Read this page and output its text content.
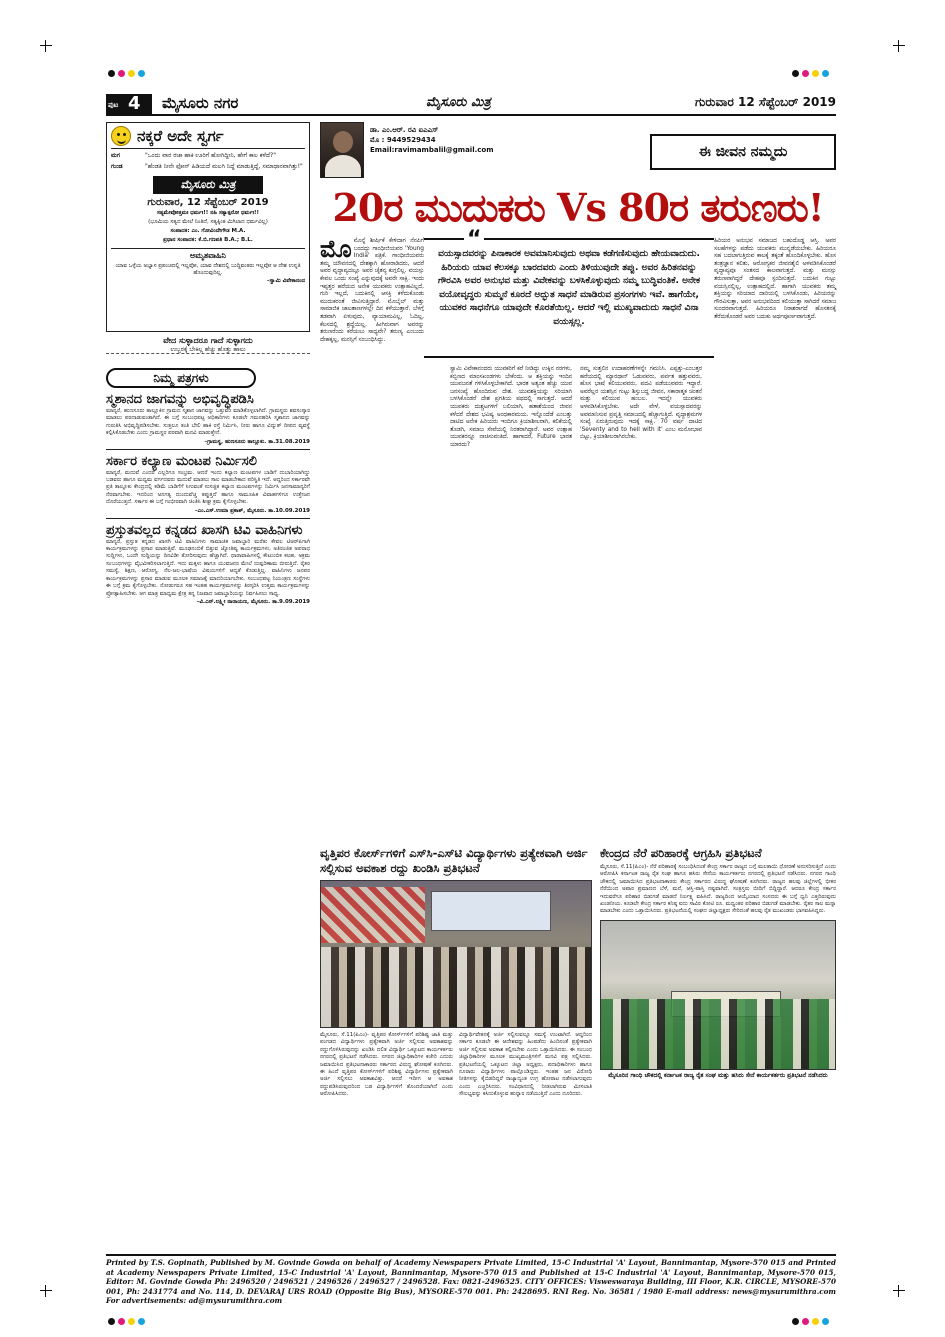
ಪುಟ 4 ಮೈಸೂರು ನಗರ	ಮೈಸೂರು ಮಿತ್ರ	ಗುರುವಾರ 12 ಸೆಪ್ಟೆಂಬರ್ 2019
ನಕ್ಕರೆ ಅದೇ ಸ್ವರ್ಗ
ಮಗ	"ಒಂದು ವಾರ ರಜಾ ಹಾಕಿ ಊರಿಗೆ ಹೋಗಿದ್ದೀನಿ, ಹೇಗೆ ಕಾಲ ಕಳೆದೆ?"
ಗುಂಡ	"ಹೆಂಡತಿ ನೀನೇ ಫೋನ್ ಹಿಡಿಯದೆ ಮಲಗಿ ನಿದ್ದೆ ಮಾಡುತ್ತಿದ್ದೆ, ಸಮಾಧಾನವಾಗಿತ್ತು!"
ಮೈಸೂರು ಮಿತ್ರ
ಗುರುವಾರ, 12 ಸೆಪ್ಟೆಂಬರ್ 2019
ಸತ್ಯಮೇವೋತ್ತಮಃ ಧರ್ಮಃ!! ನಹಿ ಸತ್ಯಾತ್ಪರೋ ಧರ್ಮಃ!!
(ಭೂಮಿಯ ಸತ್ಯದ ಮೇಲೆ ನಿಂತಿದೆ, ಸತ್ಯಕ್ಕಿಂತ ಮಿಗಿಲಾದ ಧರ್ಮವಿಲ್ಲ)
ಸಂಪಾದಕ: ಎಂ. ಗೋವಿಂದೇಗೌಡ M.A.
ಪ್ರಧಾನ ಸಂಪಾದಕ: ಕೆ.ಬಿ.ಗಣಪತಿ B.A.; B.L.
ಅಮೃತವಾಹಿನಿ
ಯಾವ ಒಳ್ಳೆಯ ಅಭ್ಯಾಸ ಪ್ರಪಂಚದಲ್ಲಿ ಇಲ್ಲವೋ, ಯಾವ ದೇಶದಲ್ಲಿ ಬುದ್ಧಿವಂತರು ಇಲ್ಲವೋ ಆ ದೇಶ ಉನ್ನತಿ ಹೊಂದುವುದಿಲ್ಲ.
–ಸ್ವಾಮಿ ವಿವೇಕಾನಂದ
ವೇದ ಸುಳ್ಳಾದರೂ ಗಾದೆ ಸುಳ್ಳಾಗದು
ಉಬ್ಬರಕ್ಕೆ ಬೇಕಿಲ್ಲ ಹೆಚ್ಚು ಹೊತ್ತು ಹಾಲು
ನಿಮ್ಮ ಪತ್ರಗಳು
ಸ್ಮಶಾನದ ಜಾಗವನ್ನು ಅಭಿವೃದ್ಧಿಪಡಿಸಿ
ಮಾನ್ಯರೆ, ಹುಣಸೂರು ತಾಲ್ಲೂಕಿನ ಗ್ರಾಮದ ಸ್ಮಶಾನ ಜಾಗವನ್ನು ಒತ್ತುವರಿ ಮಾಡಿಕೊಳ್ಳಲಾಗಿದೆ. ಗ್ರಾಮಸ್ಥರು ಶವಸಂಸ್ಕಾರ ಮಾಡಲು ಪರದಾಡುವಂತಾಗಿದೆ. ಈ ಬಗ್ಗೆ ಸಂಬಂಧಪಟ್ಟ ಅಧಿಕಾರಿಗಳು ಕೂಡಲೇ ಗಮನಹರಿಸಿ ಸ್ಮಶಾನದ ಜಾಗವನ್ನು ಗುರುತಿಸಿ ಅಭಿವೃದ್ಧಿಪಡಿಸಬೇಕು. ಸುತ್ತಲೂ ತಂತಿ ಬೇಲಿ ಹಾಕಿ ರಸ್ತೆ ನಿರ್ಮಿಸಿ, ನೀರು ಹಾಗೂ ವಿದ್ಯುತ್ ದೀಪದ ವ್ಯವಸ್ಥೆ ಕಲ್ಪಿಸಿಕೊಡಬೇಕು ಎಂದು ಗ್ರಾಮಸ್ಥರ ಪರವಾಗಿ ಮನವಿ ಮಾಡುತ್ತೇನೆ.
–ಗ್ರಾಮಸ್ಥ, ಹುಣಸೂರು ತಾಲ್ಲೂಕು. ತಾ.31.08.2019
ಸರ್ಕಾರ ಕಲ್ಯಾಣ ಮಂಟಪ ನಿರ್ಮಿಸಲಿ
ಮಾನ್ಯರೆ, ಮದುವೆ ಎಂದರೆ ಎಲ್ಲರಿಗೂ ಸಂಭ್ರಮ. ಆದರೆ ಇಂದು ಕಲ್ಯಾಣ ಮಂಟಪಗಳ ಬಾಡಿಗೆ ದುಬಾರಿಯಾಗಿದ್ದು ಬಡವರು ಹಾಗೂ ಮಧ್ಯಮ ವರ್ಗದವರು ಮದುವೆ ಮಾಡಲು ಸಾಲ ಮಾಡಬೇಕಾದ ಪರಿಸ್ಥಿತಿ ಇದೆ. ಆದ್ದರಿಂದ ಸರ್ಕಾರವೇ ಪ್ರತಿ ತಾಲ್ಲೂಕು ಕೇಂದ್ರದಲ್ಲಿ ಕಡಿಮೆ ಬಾಡಿಗೆಗೆ ಸಿಗುವಂತೆ ಸುಸಜ್ಜಿತ ಕಲ್ಯಾಣ ಮಂಟಪಗಳನ್ನು ನಿರ್ಮಿಸಿ ಜನಸಾಮಾನ್ಯರಿಗೆ ನೆರವಾಗಬೇಕು. ಇದರಿಂದ ಅನಗತ್ಯ ದುಂದುವೆಚ್ಚ ತಪ್ಪುತ್ತದೆ ಹಾಗೂ ಸಾಮೂಹಿಕ ವಿವಾಹಗಳಿಗೂ ಉತ್ತೇಜನ ದೊರೆಯುತ್ತದೆ. ಸರ್ಕಾರ ಈ ಬಗ್ಗೆ ಗಂಭೀರವಾಗಿ ಚಿಂತಿಸಿ ಶೀಘ್ರ ಕ್ರಮ ಕೈಗೊಳ್ಳಬೇಕು.
–ಎಂ.ಎಸ್.ಉಮಾ ಪ್ರಕಾಶ್, ಮೈಸೂರು. ತಾ.10.09.2019
ಪ್ರಸ್ತುತವಲ್ಲದ ಕನ್ನಡದ ಖಾಸಗಿ ಟಿವಿ ವಾಹಿನಿಗಳು
ಮಾನ್ಯರೆ, ಪ್ರಸ್ತುತ ಕನ್ನಡದ ಖಾಸಗಿ ಟಿವಿ ವಾಹಿನಿಗಳು ಸಾಮಾಜಿಕ ಜವಾಬ್ದಾರಿ ಮರೆತು ಕೇವಲ ಟಿಆರ್‌ಪಿಗಾಗಿ ಕಾರ್ಯಕ್ರಮಗಳನ್ನು ಪ್ರಸಾರ ಮಾಡುತ್ತಿವೆ. ಮೂಢನಂಬಿಕೆ ಬಿತ್ತುವ ಜ್ಯೋತಿಷ್ಯ ಕಾರ್ಯಕ್ರಮಗಳು, ಅತಿರಂಜಿತ ಅಪರಾಧ ಸುದ್ದಿಗಳು, ಒಂದೇ ಸುದ್ದಿಯನ್ನು ದಿನವಿಡೀ ತೋರಿಸುವುದು ಹೆಚ್ಚಾಗಿದೆ. ಧಾರಾವಾಹಿಗಳಲ್ಲಿ ಕೌಟುಂಬಿಕ ಕಲಹ, ಅಕ್ರಮ ಸಂಬಂಧಗಳನ್ನು ವೈಭವೀಕರಿಸಲಾಗುತ್ತಿದೆ. ಇದು ಮಕ್ಕಳು ಹಾಗೂ ಯುವಜನರ ಮೇಲೆ ದುಷ್ಪರಿಣಾಮ ಬೀರುತ್ತಿದೆ. ರೈತರ ಸಮಸ್ಯೆ, ಶಿಕ್ಷಣ, ಆರೋಗ್ಯ, ನೆಲ-ಜಲ-ಭಾಷೆಯ ವಿಷಯಗಳಿಗೆ ಆದ್ಯತೆ ಕೊಡುತ್ತಿಲ್ಲ. ವಾಹಿನಿಗಳು ಜನಪರ ಕಾರ್ಯಕ್ರಮಗಳನ್ನು ಪ್ರಸಾರ ಮಾಡುವ ಮೂಲಕ ಸಮಾಜಕ್ಕೆ ಮಾದರಿಯಾಗಬೇಕು. ಸಂಬಂಧಪಟ್ಟ ನಿಯಂತ್ರಣ ಸಂಸ್ಥೆಗಳು ಈ ಬಗ್ಗೆ ಕ್ರಮ ಕೈಗೊಳ್ಳಬೇಕು. ನೋಡುಗರೂ ಸಹ ಇಂತಹ ಕಾರ್ಯಕ್ರಮಗಳನ್ನು ತಿರಸ್ಕರಿಸಿ ಉತ್ತಮ ಕಾರ್ಯಕ್ರಮಗಳನ್ನು ಪ್ರೋತ್ಸಾಹಿಸಬೇಕು. ಆಗ ಮಾತ್ರ ಮಾಧ್ಯಮ ಕ್ಷೇತ್ರ ತನ್ನ ನಿಜವಾದ ಜವಾಬ್ದಾರಿಯನ್ನು ನಿರ್ವಹಿಸಲು ಸಾಧ್ಯ.
–ವಿ.ಎನ್.ಲಕ್ಷ್ಮೀ ನಾರಾಯಣ, ಮೈಸೂರು. ತಾ.9.09.2019
ಡಾ. ಎಂ.ಆರ್. ರವಿ ಐಎಎಸ್
ಮೊ : 9449529434
Email:ravimambalil@gmail.com	ಈ ಜೀವನ ನಮ್ಮದು
20ರ ಮುದುಕರು Vs 80ರ ತರುಣರು!
ಮೊ ಮೊನ್ನೆ ಶೀರ್ಷಿಕೆ ಕೇಳಿದಾಗ ನೆನಪಿಗೆ ಬಂದದ್ದು ಗಾಂಧೀಜಿಯವರ 'Young India' ಪತ್ರಿಕೆ. ಗಾಂಧೀಜಿಯವರು ತಮ್ಮ ಯೌವನದಲ್ಲಿ ದೇಶಕ್ಕಾಗಿ ಹೋರಾಡಿದರು, ಆದರೆ ಅವರ ವೃದ್ಧಾಪ್ಯದಲ್ಲೂ ಅವರ ಚೈತನ್ಯ ಕುಗ್ಗಲಿಲ್ಲ. ವಯಸ್ಸು ಕೇವಲ ಒಂದು ಸಂಖ್ಯೆ ಎನ್ನುವುದಕ್ಕೆ ಅವರೇ ಸಾಕ್ಷಿ. ಇಂದು ಇಪ್ಪತ್ತರ ಹರೆಯದ ಅನೇಕ ಯುವಕರು ಉತ್ಸಾಹವಿಲ್ಲದೆ, ಗುರಿ ಇಲ್ಲದೆ, ಬದುಕಿನಲ್ಲಿ ಆಸಕ್ತಿ ಕಳೆದುಕೊಂಡು ಮುದುಕರಂತೆ ಜೀವಿಸುತ್ತಿದ್ದಾರೆ. ಮೊಬೈಲ್ ಮತ್ತು ಸಾಮಾಜಿಕ ಜಾಲತಾಣಗಳಲ್ಲೇ ದಿನ ಕಳೆಯುತ್ತಾರೆ. ಬೆಳಗ್ಗೆ ತಡವಾಗಿ ಏಳುವುದು, ವ್ಯಾಯಾಮವಿಲ್ಲ, ಓದಿಲ್ಲ, ಕೆಲಸದಲ್ಲಿ ಶ್ರದ್ಧೆಯಿಲ್ಲ. ಹೀಗಿರುವಾಗ ಅವರನ್ನು ತರುಣರೆಂದು ಕರೆಯಲು ಸಾಧ್ಯವೇ? ತರುಣ್ಯ ಎಂಬುದು ದೇಹಕ್ಕಲ್ಲ, ಮನಸ್ಸಿಗೆ ಸಂಬಂಧಿಸಿದ್ದು.
ಸ್ವಾಮಿ ವಿವೇಕಾನಂದರು ಯುವಕರಿಗೆ ಕರೆ ನೀಡಿದ್ದು ಉಕ್ಕಿನ ನರಗಳು, ಕಬ್ಬಿಣದ ಮಾಂಸಖಂಡಗಳು ಬೇಕೆಂದು. ಆ ಶಕ್ತಿಯನ್ನು ಇಂದಿನ ಯುವಜನತೆ ಗಳಿಸಿಕೊಳ್ಳಬೇಕಾಗಿದೆ. ಭಾರತ ಅತ್ಯಂತ ಹೆಚ್ಚು ಯುವ ಜನಸಂಖ್ಯೆ ಹೊಂದಿರುವ ದೇಶ. ಯುವಶಕ್ತಿಯನ್ನು ಸರಿಯಾಗಿ ಬಳಸಿಕೊಂಡರೆ ದೇಶ ಪ್ರಗತಿಯ ಪಥದಲ್ಲಿ ಸಾಗುತ್ತದೆ. ಆದರೆ ಯುವಕರು ದುಶ್ಚಟಗಳಿಗೆ ಬಲಿಯಾಗಿ, ಹತಾಶೆಯಿಂದ ಜೀವನ ಕಳೆದರೆ ದೇಶದ ಭವಿಷ್ಯ ಅಂಧಕಾರಮಯ. ಇನ್ನೊಂದೆಡೆ ಎಂಬತ್ತು ದಾಟಿದ ಅನೇಕ ಹಿರಿಯರು ಇಂದಿಗೂ ಕ್ರಿಯಾಶೀಲರಾಗಿ, ಕಲಿಕೆಯಲ್ಲಿ ತೊಡಗಿ, ಸಮಾಜ ಸೇವೆಯಲ್ಲಿ ನಿರತರಾಗಿದ್ದಾರೆ. ಅವರ ಉತ್ಸಾಹ ಯುವಕರನ್ನೂ ನಾಚಿಸುವಂತಿದೆ. ಹಾಗಾದರೆ, Future ಭಾರತ ಯಾರದು?
ನಮ್ಮ ಸುತ್ತಲಿನ ಉದಾಹರಣೆಗಳನ್ನೇ ಗಮನಿಸಿ. ಎಪ್ಪತ್ತು-ಎಂಬತ್ತರ ಹರೆಯದಲ್ಲಿ ಮ್ಯಾರಥಾನ್ ಓಡುವವರು, ಪರ್ವತ ಹತ್ತುವವರು, ಹೊಸ ಭಾಷೆ ಕಲಿಯುವವರು, ಪದವಿ ಪಡೆಯುವವರು ಇದ್ದಾರೆ. ಅವರೆಲ್ಲರ ಯಶಸ್ಸಿನ ಗುಟ್ಟು ಶಿಸ್ತುಬದ್ಧ ಜೀವನ, ಸಕಾರಾತ್ಮಕ ಚಿಂತನೆ ಮತ್ತು ಕಲಿಯುವ ಹಂಬಲ. ಇದನ್ನೇ ಯುವಕರು ಅಳವಡಿಸಿಕೊಳ್ಳಬೇಕು. ಅದೇ ವೇಳೆ, ವಯಸ್ಸಾದವರನ್ನು ಅವಮಾನಿಸುವ ಪ್ರವೃತ್ತಿ ಸಮಾಜದಲ್ಲಿ ಹೆಚ್ಚಾಗುತ್ತಿದೆ. ವೃದ್ಧಾಶ್ರಮಗಳ ಸಂಖ್ಯೆ ಏರುತ್ತಿರುವುದು ಇದಕ್ಕೆ ಸಾಕ್ಷಿ. 70 ವರ್ಷ ದಾಟಿದ 'Seventy and to hell with it' ಎಂಬ ಮನೋಭಾವ ಬಿಟ್ಟು, ಕ್ರಿಯಾಶೀಲರಾಗಿರಬೇಕು.
ಹಿರಿಯರ ಅನುಭವ ಸಮಾಜದ ಬಹುದೊಡ್ಡ ಆಸ್ತಿ. ಅವರ ಸಲಹೆಗಳನ್ನು ಪಡೆದು ಯುವಕರು ಮುನ್ನಡೆಯಬೇಕು. ಹಿರಿಯರೂ ಸಹ ಬದಲಾಗುತ್ತಿರುವ ಕಾಲಕ್ಕೆ ತಕ್ಕಂತೆ ಹೊಂದಿಕೊಳ್ಳಬೇಕು. ಹೊಸ ತಂತ್ರಜ್ಞಾನ ಕಲಿತು, ಆರೋಗ್ಯಕರ ಜೀವನಶೈಲಿ ಅಳವಡಿಸಿಕೊಂಡರೆ ವೃದ್ಧಾಪ್ಯವೂ ಸಂತಸದ ಕಾಲವಾಗುತ್ತದೆ. ಮತ್ತು ಮನಸ್ಸು ತರುಣವಾಗಿದ್ದರೆ ದೇಹವೂ ಸ್ಪಂದಿಸುತ್ತದೆ. ಬದುಕಿನ ಗುಟ್ಟು ವಯಸ್ಸಿನಲ್ಲಿಲ್ಲ, ಉತ್ಸಾಹದಲ್ಲಿದೆ. ಹಾಗಾಗಿ ಯುವಕರು ತಮ್ಮ ಶಕ್ತಿಯನ್ನು ಸರಿಯಾದ ದಾರಿಯಲ್ಲಿ ಬಳಸಿಕೊಂಡು, ಹಿರಿಯರನ್ನು ಗೌರವಿಸುತ್ತಾ, ಅವರ ಅನುಭವದಿಂದ ಕಲಿಯುತ್ತಾ ಸಾಗಿದರೆ ಸಮಾಜ ಸುಂದರವಾಗುತ್ತದೆ. ಹಿರಿಯರೂ ನಿರಾಶರಾಗದೆ ಹೊಸತನಕ್ಕೆ ತೆರೆದುಕೊಂಡರೆ ಅವರ ಬದುಕು ಅರ್ಥಪೂರ್ಣವಾಗುತ್ತದೆ.
“
ವಯಸ್ಸಾದವರನ್ನು ಪಿನಾಕಾರಕ ಅವಮಾನಿಸುವುದು ಅಥವಾ ಕಡೆಗಣಿಸುವುದು ಹೇಯವಾದುದು. ಹಿರಿಯರು ಯಾವ ಕೆಲಸಕ್ಕೂ ಬಾರದವರು ಎಂದು ತಿಳಿಯುವುದೇ ತಪ್ಪು. ಅವರ ಹಿರಿತನವನ್ನು ಗೌರವಿಸಿ ಅವರ ಅನುಭವ ಮತ್ತು ವಿವೇಕವನ್ನು ಬಳಸಿಕೊಳ್ಳುವುದು ನಮ್ಮ ಬುದ್ಧಿವಂತಿಕೆ. ಅನೇಕ ವಯೋವೃದ್ಧರು ಸುಮ್ಮನೆ ಕೂರದೆ ಅದ್ಭುತ ಸಾಧನೆ ಮಾಡಿರುವ ಪ್ರಸಂಗಗಳು ಇವೆ. ಹಾಗೆಯೇ, ಯುವಕರ ಸಾಧನೆಗೂ ಯಾವುದೇ ಕೊರತೆಯಿಲ್ಲ. ಆದರೆ ಇಲ್ಲಿ ಮುಖ್ಯವಾದುದು ಸಾಧನೆ ವಿನಾ ವಯಸ್ಸಲ್ಲ.
ವೃತ್ತಿಪರ ಕೋರ್ಸ್‌ಗಳಿಗೆ ಎಸ್‌ಸಿ-ಎಸ್‌ಟಿ ವಿದ್ಯಾರ್ಥಿಗಳು ಪ್ರತ್ಯೇಕವಾಗಿ ಅರ್ಜಿ ಸಲ್ಲಿಸುವ ಅವಕಾಶ ರದ್ದು ಖಂಡಿಸಿ ಪ್ರತಿಭಟನೆ
ಮೈಸೂರು, ಸೆ.11(ಪಿಎಂ)- ವೃತ್ತಿಪರ ಕೋರ್ಸ್‌ಗಳಿಗೆ ಪರಿಶಿಷ್ಟ ಜಾತಿ ಮತ್ತು ಪಂಗಡದ ವಿದ್ಯಾರ್ಥಿಗಳು ಪ್ರತ್ಯೇಕವಾಗಿ ಅರ್ಜಿ ಸಲ್ಲಿಸುವ ಅವಕಾಶವನ್ನು ರದ್ದುಗೊಳಿಸಿರುವುದನ್ನು ಖಂಡಿಸಿ ದಲಿತ ವಿದ್ಯಾರ್ಥಿ ಒಕ್ಕೂಟದ ಕಾರ್ಯಕರ್ತರು ನಗರದಲ್ಲಿ ಪ್ರತಿಭಟನೆ ನಡೆಸಿದರು. ನಗರದ ಜಿಲ್ಲಾಧಿಕಾರಿಗಳ ಕಚೇರಿ ಎದುರು ಜಮಾಯಿಸಿದ ಪ್ರತಿಭಟನಾಕಾರರು ಸರ್ಕಾರದ ವಿರುದ್ಧ ಘೋಷಣೆ ಕೂಗಿದರು. ಈ ಹಿಂದೆ ವೃತ್ತಿಪರ ಕೋರ್ಸ್‌ಗಳಿಗೆ ಪರಿಶಿಷ್ಟ ವಿದ್ಯಾರ್ಥಿಗಳು ಪ್ರತ್ಯೇಕವಾಗಿ ಅರ್ಜಿ ಸಲ್ಲಿಸಲು ಅವಕಾಶವಿತ್ತು. ಆದರೆ ಇದೀಗ ಆ ಅವಕಾಶ ರದ್ದುಪಡಿಸಿರುವುದರಿಂದ ಬಡ ವಿದ್ಯಾರ್ಥಿಗಳಿಗೆ ತೊಂದರೆಯಾಗಿದೆ ಎಂದು ಆರೋಪಿಸಿದರು.
ವಿದ್ಯಾರ್ಥಿವೇತನಕ್ಕೆ ಅರ್ಜಿ ಸಲ್ಲಿಸುವಲ್ಲೂ ಸಮಸ್ಯೆ ಉಂಟಾಗಿದೆ. ಆದ್ದರಿಂದ ಸರ್ಕಾರ ಕೂಡಲೇ ಈ ಆದೇಶವನ್ನು ಹಿಂಪಡೆದು ಹಿಂದಿನಂತೆ ಪ್ರತ್ಯೇಕವಾಗಿ ಅರ್ಜಿ ಸಲ್ಲಿಸುವ ಅವಕಾಶ ಕಲ್ಪಿಸಬೇಕು ಎಂದು ಒತ್ತಾಯಿಸಿದರು. ಈ ಸಂಬಂಧ ಜಿಲ್ಲಾಧಿಕಾರಿಗಳ ಮೂಲಕ ಮುಖ್ಯಮಂತ್ರಿಗಳಿಗೆ ಮನವಿ ಪತ್ರ ಸಲ್ಲಿಸಿದರು. ಪ್ರತಿಭಟನೆಯಲ್ಲಿ ಒಕ್ಕೂಟದ ಜಿಲ್ಲಾ ಅಧ್ಯಕ್ಷರು, ಪದಾಧಿಕಾರಿಗಳು ಹಾಗೂ ನೂರಾರು ವಿದ್ಯಾರ್ಥಿಗಳು ಪಾಲ್ಗೊಂಡಿದ್ದರು. ಇಂತಹ ಜನ ವಿರೋಧಿ ನೀತಿಗಳನ್ನು ಕೈಬಿಡದಿದ್ದರೆ ರಾಜ್ಯಾದ್ಯಂತ ಉಗ್ರ ಹೋರಾಟ ನಡೆಸಲಾಗುವುದು ಎಂದು ಎಚ್ಚರಿಸಿದರು. ಸಂವಿಧಾನದಲ್ಲಿ ನೀಡಲಾಗಿರುವ ಮೀಸಲಾತಿ ಸೌಲಭ್ಯವನ್ನು ಕಸಿದುಕೊಳ್ಳುವ ಹುನ್ನಾರ ನಡೆಯುತ್ತಿದೆ ಎಂದು ದೂರಿದರು.
ಕೇಂದ್ರದ ನೆರೆ ಪರಿಹಾರಕ್ಕೆ ಆಗ್ರಹಿಸಿ ಪ್ರತಿಭಟನೆ
ಮೈಸೂರು, ಸೆ.11(ಪಿಎಂ)- ನೆರೆ ಪರಿಹಾರಕ್ಕೆ ಸಂಬಂಧಿಸಿದಂತೆ ಕೇಂದ್ರ ಸರ್ಕಾರ ರಾಜ್ಯದ ಬಗ್ಗೆ ಮಲತಾಯಿ ಧೋರಣೆ ಅನುಸರಿಸುತ್ತಿದೆ ಎಂದು ಆರೋಪಿಸಿ ಕರ್ನಾಟಕ ರಾಜ್ಯ ರೈತ ಸಂಘ ಹಾಗೂ ಹಸಿರು ಸೇನೆಯ ಕಾರ್ಯಕರ್ತರು ನಗರದಲ್ಲಿ ಪ್ರತಿಭಟನೆ ನಡೆಸಿದರು. ನಗರದ ಗಾಂಧಿ ಚೌಕದಲ್ಲಿ ಜಮಾಯಿಸಿದ ಪ್ರತಿಭಟನಾಕಾರರು ಕೇಂದ್ರ ಸರ್ಕಾರದ ವಿರುದ್ಧ ಘೋಷಣೆ ಕೂಗಿದರು. ರಾಜ್ಯದ ಹಲವು ಜಿಲ್ಲೆಗಳಲ್ಲಿ ಭೀಕರ ನೆರೆಯಿಂದ ಅಪಾರ ಪ್ರಮಾಣದ ಬೆಳೆ, ಮನೆ, ಆಸ್ತಿ-ಪಾಸ್ತಿ ನಷ್ಟವಾಗಿದೆ. ಸಂತ್ರಸ್ತರು ಬೀದಿಗೆ ಬಿದ್ದಿದ್ದಾರೆ. ಆದರೂ ಕೇಂದ್ರ ಸರ್ಕಾರ ಇದುವರೆಗೂ ಪರಿಹಾರ ಬಿಡುಗಡೆ ಮಾಡದೆ ನಿರ್ಲಕ್ಷ್ಯ ವಹಿಸಿದೆ. ರಾಜ್ಯದಿಂದ ಆಯ್ಕೆಯಾದ ಸಂಸದರು ಈ ಬಗ್ಗೆ ಧ್ವನಿ ಎತ್ತದಿರುವುದು ಖಂಡನೀಯ. ಕೂಡಲೇ ಕೇಂದ್ರ ಸರ್ಕಾರ ಕನಿಷ್ಠ ಐದು ಸಾವಿರ ಕೋಟಿ ರೂ. ಮಧ್ಯಂತರ ಪರಿಹಾರ ಬಿಡುಗಡೆ ಮಾಡಬೇಕು. ರೈತರ ಸಾಲ ಮನ್ನಾ ಮಾಡಬೇಕು ಎಂದು ಒತ್ತಾಯಿಸಿದರು. ಪ್ರತಿಭಟನೆಯಲ್ಲಿ ಸಂಘದ ಜಿಲ್ಲಾಧ್ಯಕ್ಷರು ಸೇರಿದಂತೆ ಹಲವು ರೈತ ಮುಖಂಡರು ಭಾಗವಹಿಸಿದ್ದರು.
ಮೈಸೂರಿನ ಗಾಂಧಿ ಚೌಕದಲ್ಲಿ ಕರ್ನಾಟಕ ರಾಜ್ಯ ರೈತ ಸಂಘ ಮತ್ತು ಹಸಿರು ಸೇನೆ ಕಾರ್ಯಕರ್ತರು ಪ್ರತಿಭಟನೆ ನಡೆಸಿದರು
Printed by T.S. Gopinath, Published by M. Govinde Gowda on behalf of Academy Newspapers Private Limited, 15-C Industrial 'A' Layout, Bannimantap, Mysore-570 015 and Printed at Academy Newspapers Private Limited, 15-C Industrial 'A' Layout, Bannimantap, Mysore-570 015 and Published at 15-C Industrial 'A' Layout, Bannimantap, Mysore-570 015, Editor: M. Govinde Gowda Ph: 2496520 / 2496521 / 2496526 / 2496527 / 2496528. Fax: 0821-2496525. CITY OFFICES: Visweswaraya Building, III Floor, K.R. CIRCLE, MYSORE-570 001, Ph: 2431774 and No. 114, D. DEVARAJ URS ROAD (Opposite Big Bus), MYSORE-570 001. Ph: 2428695. RNI Reg. No. 36581 / 1980 E-mail address: news@mysurumithra.com For advertisements: ad@mysurumithra.com
